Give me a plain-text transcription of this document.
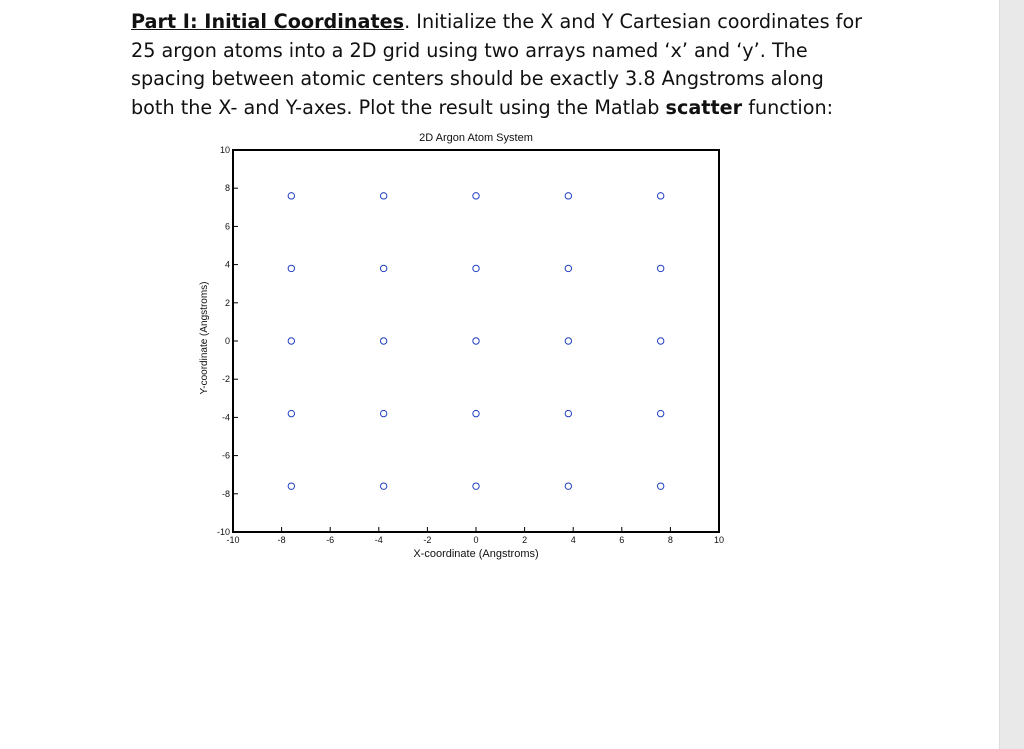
Part I: Initial Coordinates. Initialize the X and Y Cartesian coordinates for 25 argon atoms into a 2D grid using two arrays named ‘x’ and ‘y’. The spacing between atomic centers should be exactly 3.8 Angstroms along both the X- and Y-axes. Plot the result using the Matlab scatter function:

-10	-8	-6	-4	-2	0	2	4	6	8	10
-10
-8
-6
-4
-2
0
2
4
6
8
10
2D Argon Atom System
X-coordinate (Angstroms)
Y-coordinate (Angstroms)
